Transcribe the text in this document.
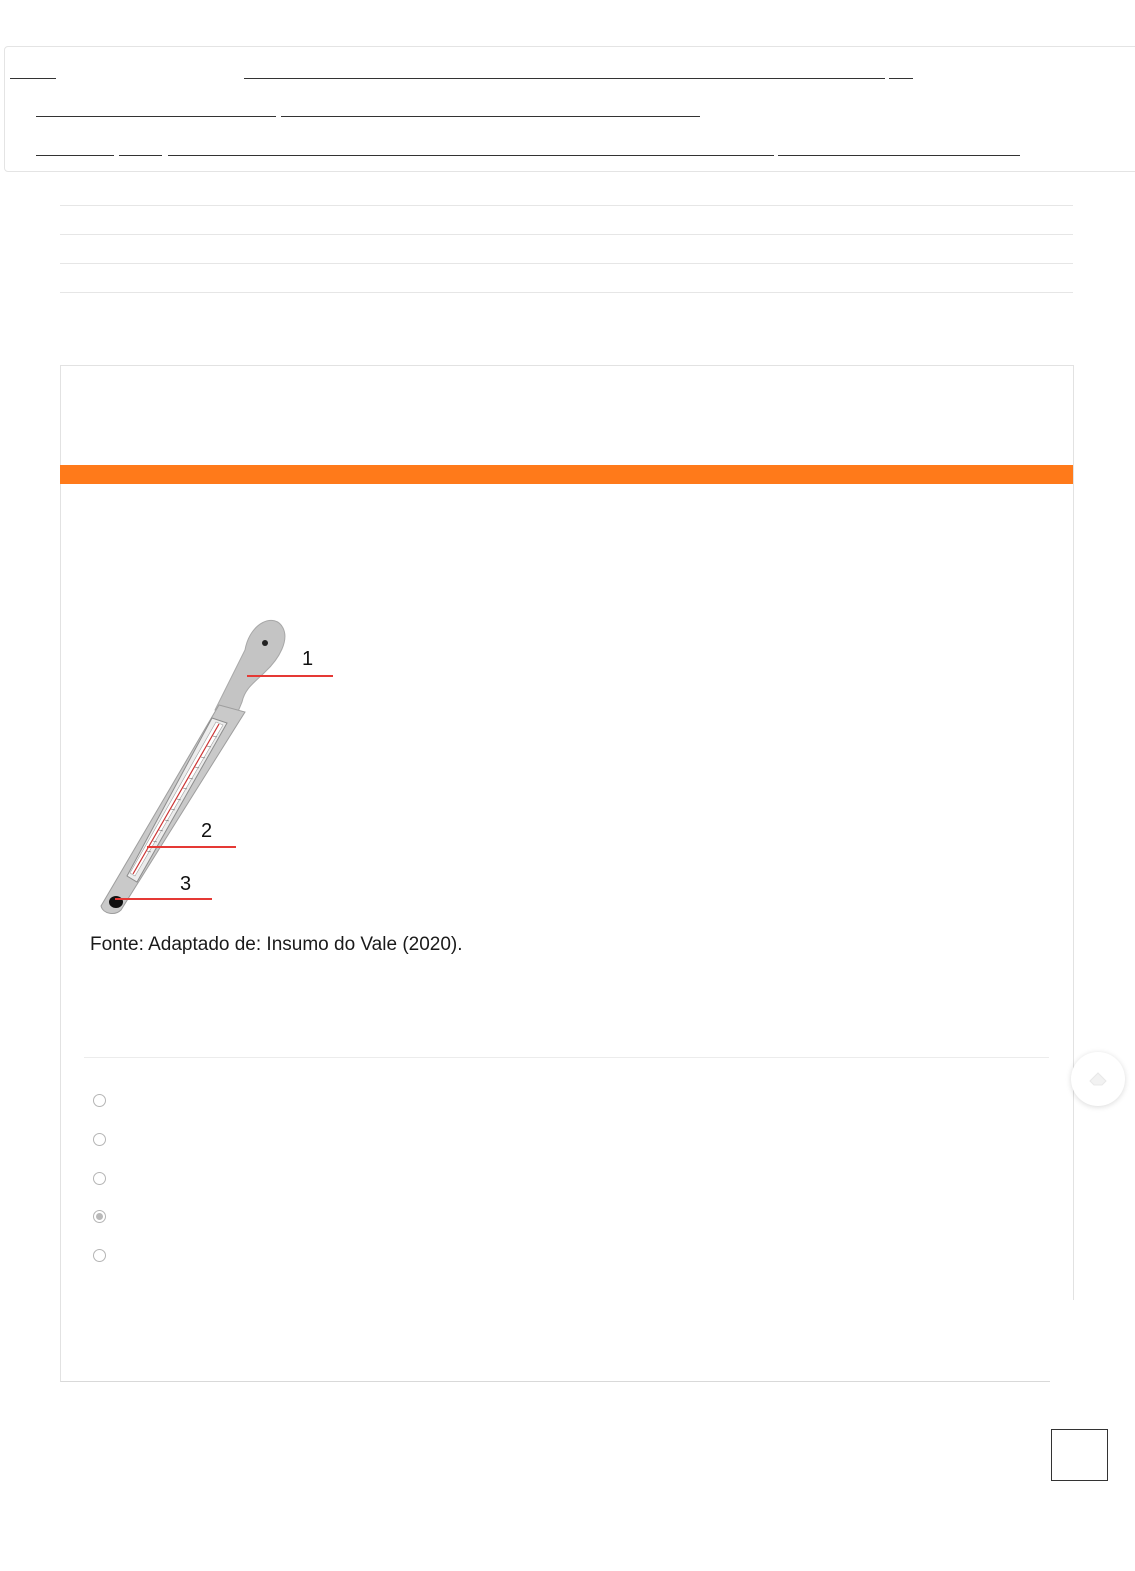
1
2
3
Fonte: Adaptado de: Insumo do Vale (2020).
